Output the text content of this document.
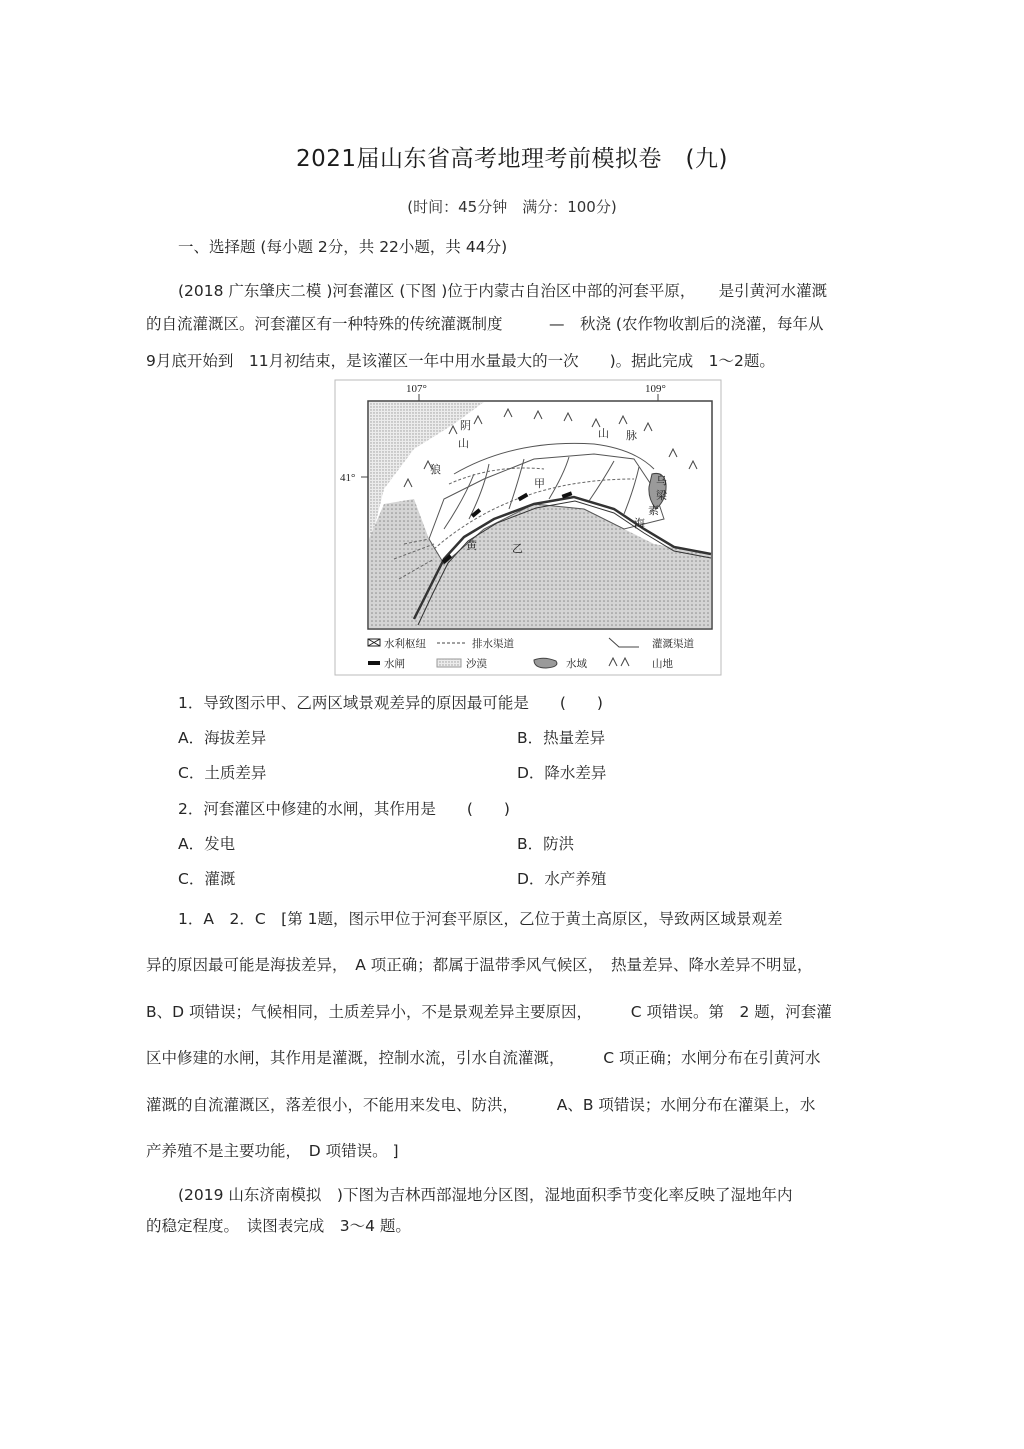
2021届山东省高考地理考前模拟卷　(九)
(时间：45分钟　满分：100分)
一、选择题 (每小题 2分，共 22小题，共 44分)
(2018 广东肇庆二模 )河套灌区 (下图 )位于内蒙古自治区中部的河套平原，　　是引黄河水灌溉
的自流灌溉区。河套灌区有一种特殊的传统灌溉制度　　　—　秋浇 (农作物收割后的浇灌，每年从
9月底开始到　11月初结束，是该灌区一年中用水量最大的一次　　)。据此完成　1～2题。
107°	109°
41°
阴
山
山 脉
狼
甲	乌
梁
素
海
黄	乙
水利枢纽	排水渠道	灌溉渠道
水闸	沙漠	水域	山地
1．导致图示甲、乙两区域景观差异的原因最可能是　　(　　)
A．海拔差异	B．热量差异
C．土质差异	D．降水差异
2．河套灌区中修建的水闸，其作用是　　(　　)
A．发电	B．防洪
C．灌溉	D．水产养殖
1．A　2．C　[第 1题，图示甲位于河套平原区，乙位于黄土高原区，导致两区域景观差
异的原因最可能是海拔差异，　A 项正确；都属于温带季风气候区，　热量差异、降水差异不明显，
B、D 项错误；气候相同，土质差异小，不是景观差异主要原因，　　　C 项错误。第　2 题，河套灌
区中修建的水闸，其作用是灌溉，控制水流，引水自流灌溉，　　　C 项正确；水闸分布在引黄河水
灌溉的自流灌溉区，落差很小，不能用来发电、防洪，　　　A、B 项错误；水闸分布在灌渠上，水
产养殖不是主要功能，　D 项错误。 ]
(2019 山东济南模拟　)下图为吉林西部湿地分区图，湿地面积季节变化率反映了湿地年内
的稳定程度。　读图表完成　3～4 题。
